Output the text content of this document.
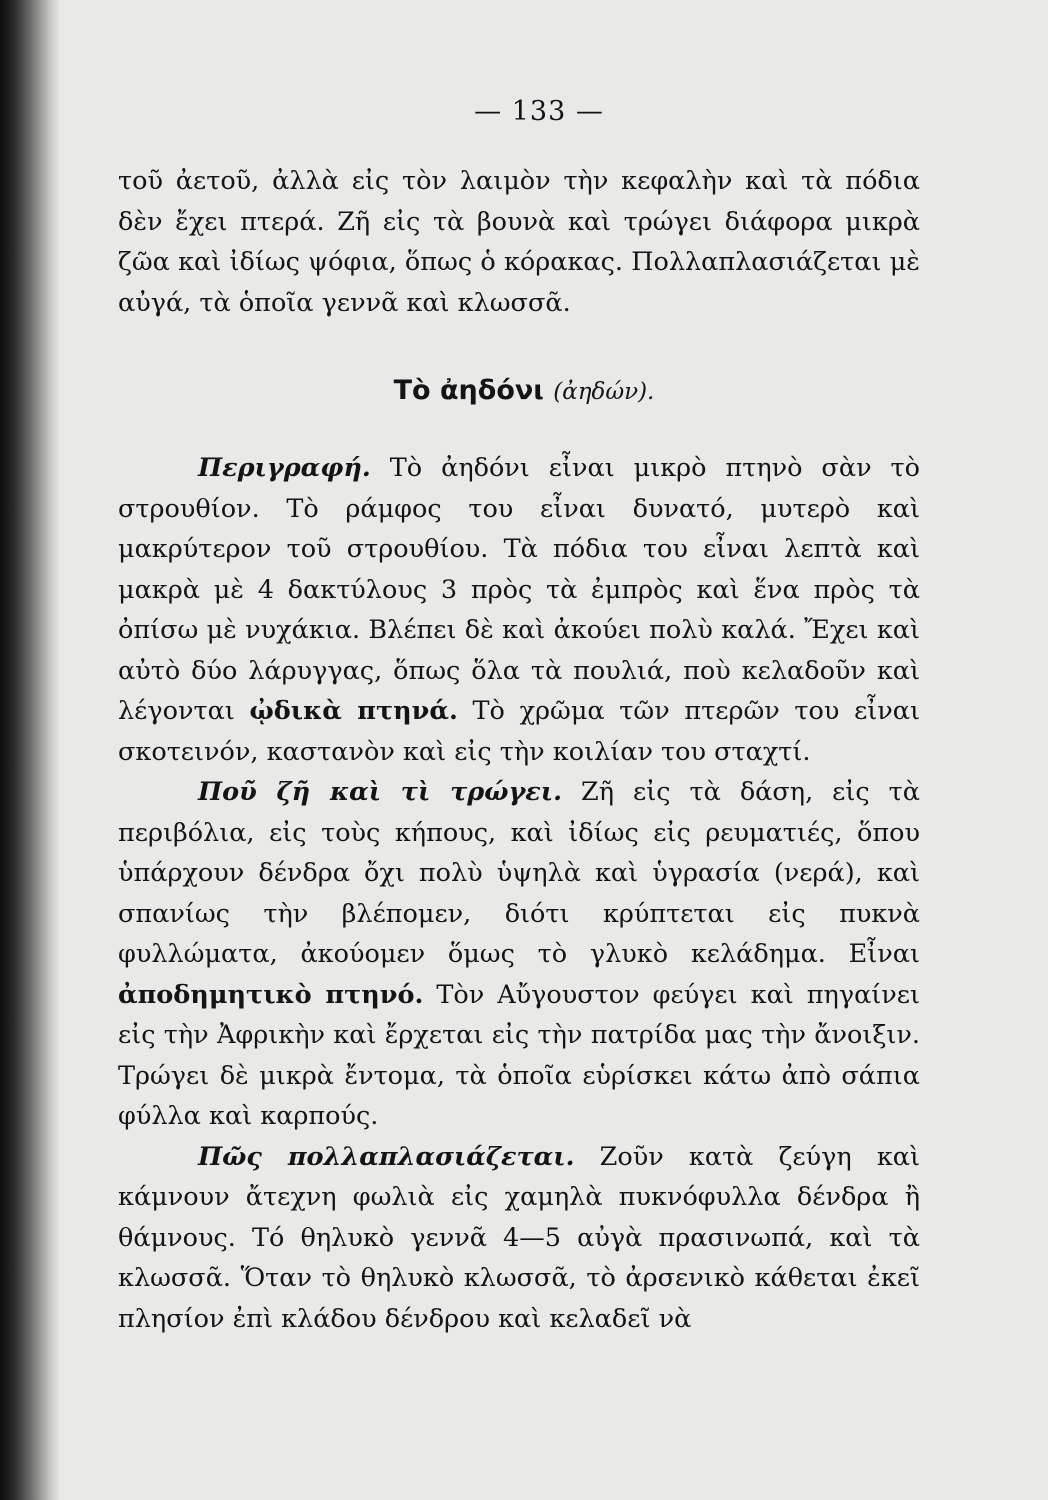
— 133 —

τοῦ ἀετοῦ, ἀλλὰ εἰς τὸν λαιμὸν τὴν κεφαλὴν καὶ τὰ πόδια δὲν ἔχει πτερά. Ζῆ εἰς τὰ βουνὰ καὶ τρώγει διάφορα μικρὰ ζῶα καὶ ἰδίως ψόφια, ὅπως ὁ κόρακας. Πολλαπλασιάζεται μὲ αὐγά, τὰ ὁποῖα γεννᾶ καὶ κλωσσᾶ.

Τὸ ἀηδόνι (ἀηδών).

Περιγραφή. Τὸ ἀηδόνι εἶναι μικρὸ πτηνὸ σὰν τὸ στρουθίον. Τὸ ράμφος του εἶναι δυνατό, μυτερὸ καὶ μακρύτερον τοῦ στρουθίου. Τὰ πόδια του εἶναι λεπτὰ καὶ μακρὰ μὲ 4 δακτύλους 3 πρὸς τὰ ἐμπρὸς καὶ ἕνα πρὸς τὰ ὀπίσω μὲ νυχάκια. Βλέπει δὲ καὶ ἀκούει πολὺ καλά. Ἔχει καὶ αὐτὸ δύο λάρυγγας, ὅπως ὅλα τὰ πουλιά, ποὺ κελαδοῦν καὶ λέγονται ᾠδικὰ πτηνά. Τὸ χρῶμα τῶν πτερῶν του εἶναι σκοτεινόν, καστανὸν καὶ εἰς τὴν κοιλίαν του σταχτί.

Ποῦ ζῆ καὶ τὶ τρώγει. Ζῆ εἰς τὰ δάση, εἰς τὰ περιβόλια, εἰς τοὺς κήπους, καὶ ἰδίως εἰς ρευματιές, ὅπου ὑπάρχουν δένδρα ὄχι πολὺ ὑψηλὰ καὶ ὑγρασία (νερά), καὶ σπανίως τὴν βλέπομεν, διότι κρύπτεται εἰς πυκνὰ φυλλώματα, ἀκούομεν ὅμως τὸ γλυκὸ κελάδημα. Εἶναι ἀποδημητικὸ πτηνό. Τὸν Αὔγουστον φεύγει καὶ πηγαίνει εἰς τὴν Ἀφρικὴν καὶ ἔρχεται εἰς τὴν πατρίδα μας τὴν ἄνοιξιν. Τρώγει δὲ μικρὰ ἔντομα, τὰ ὁποῖα εὑρίσκει κάτω ἀπὸ σάπια φύλλα καὶ καρπούς.

Πῶς πολλαπλασιάζεται. Ζοῦν κατὰ ζεύγη καὶ κάμνουν ἄτεχνη φωλιὰ εἰς χαμηλὰ πυκνόφυλλα δένδρα ἢ θάμνους. Τό θηλυκὸ γεννᾶ 4—5 αὐγὰ πρασινωπά, καὶ τὰ κλωσσᾶ. Ὅταν τὸ θηλυκὸ κλωσσᾶ, τὸ ἀρσενικὸ κάθεται ἐκεῖ πλησίον ἐπὶ κλάδου δένδρου καὶ κελαδεῖ νὰ
